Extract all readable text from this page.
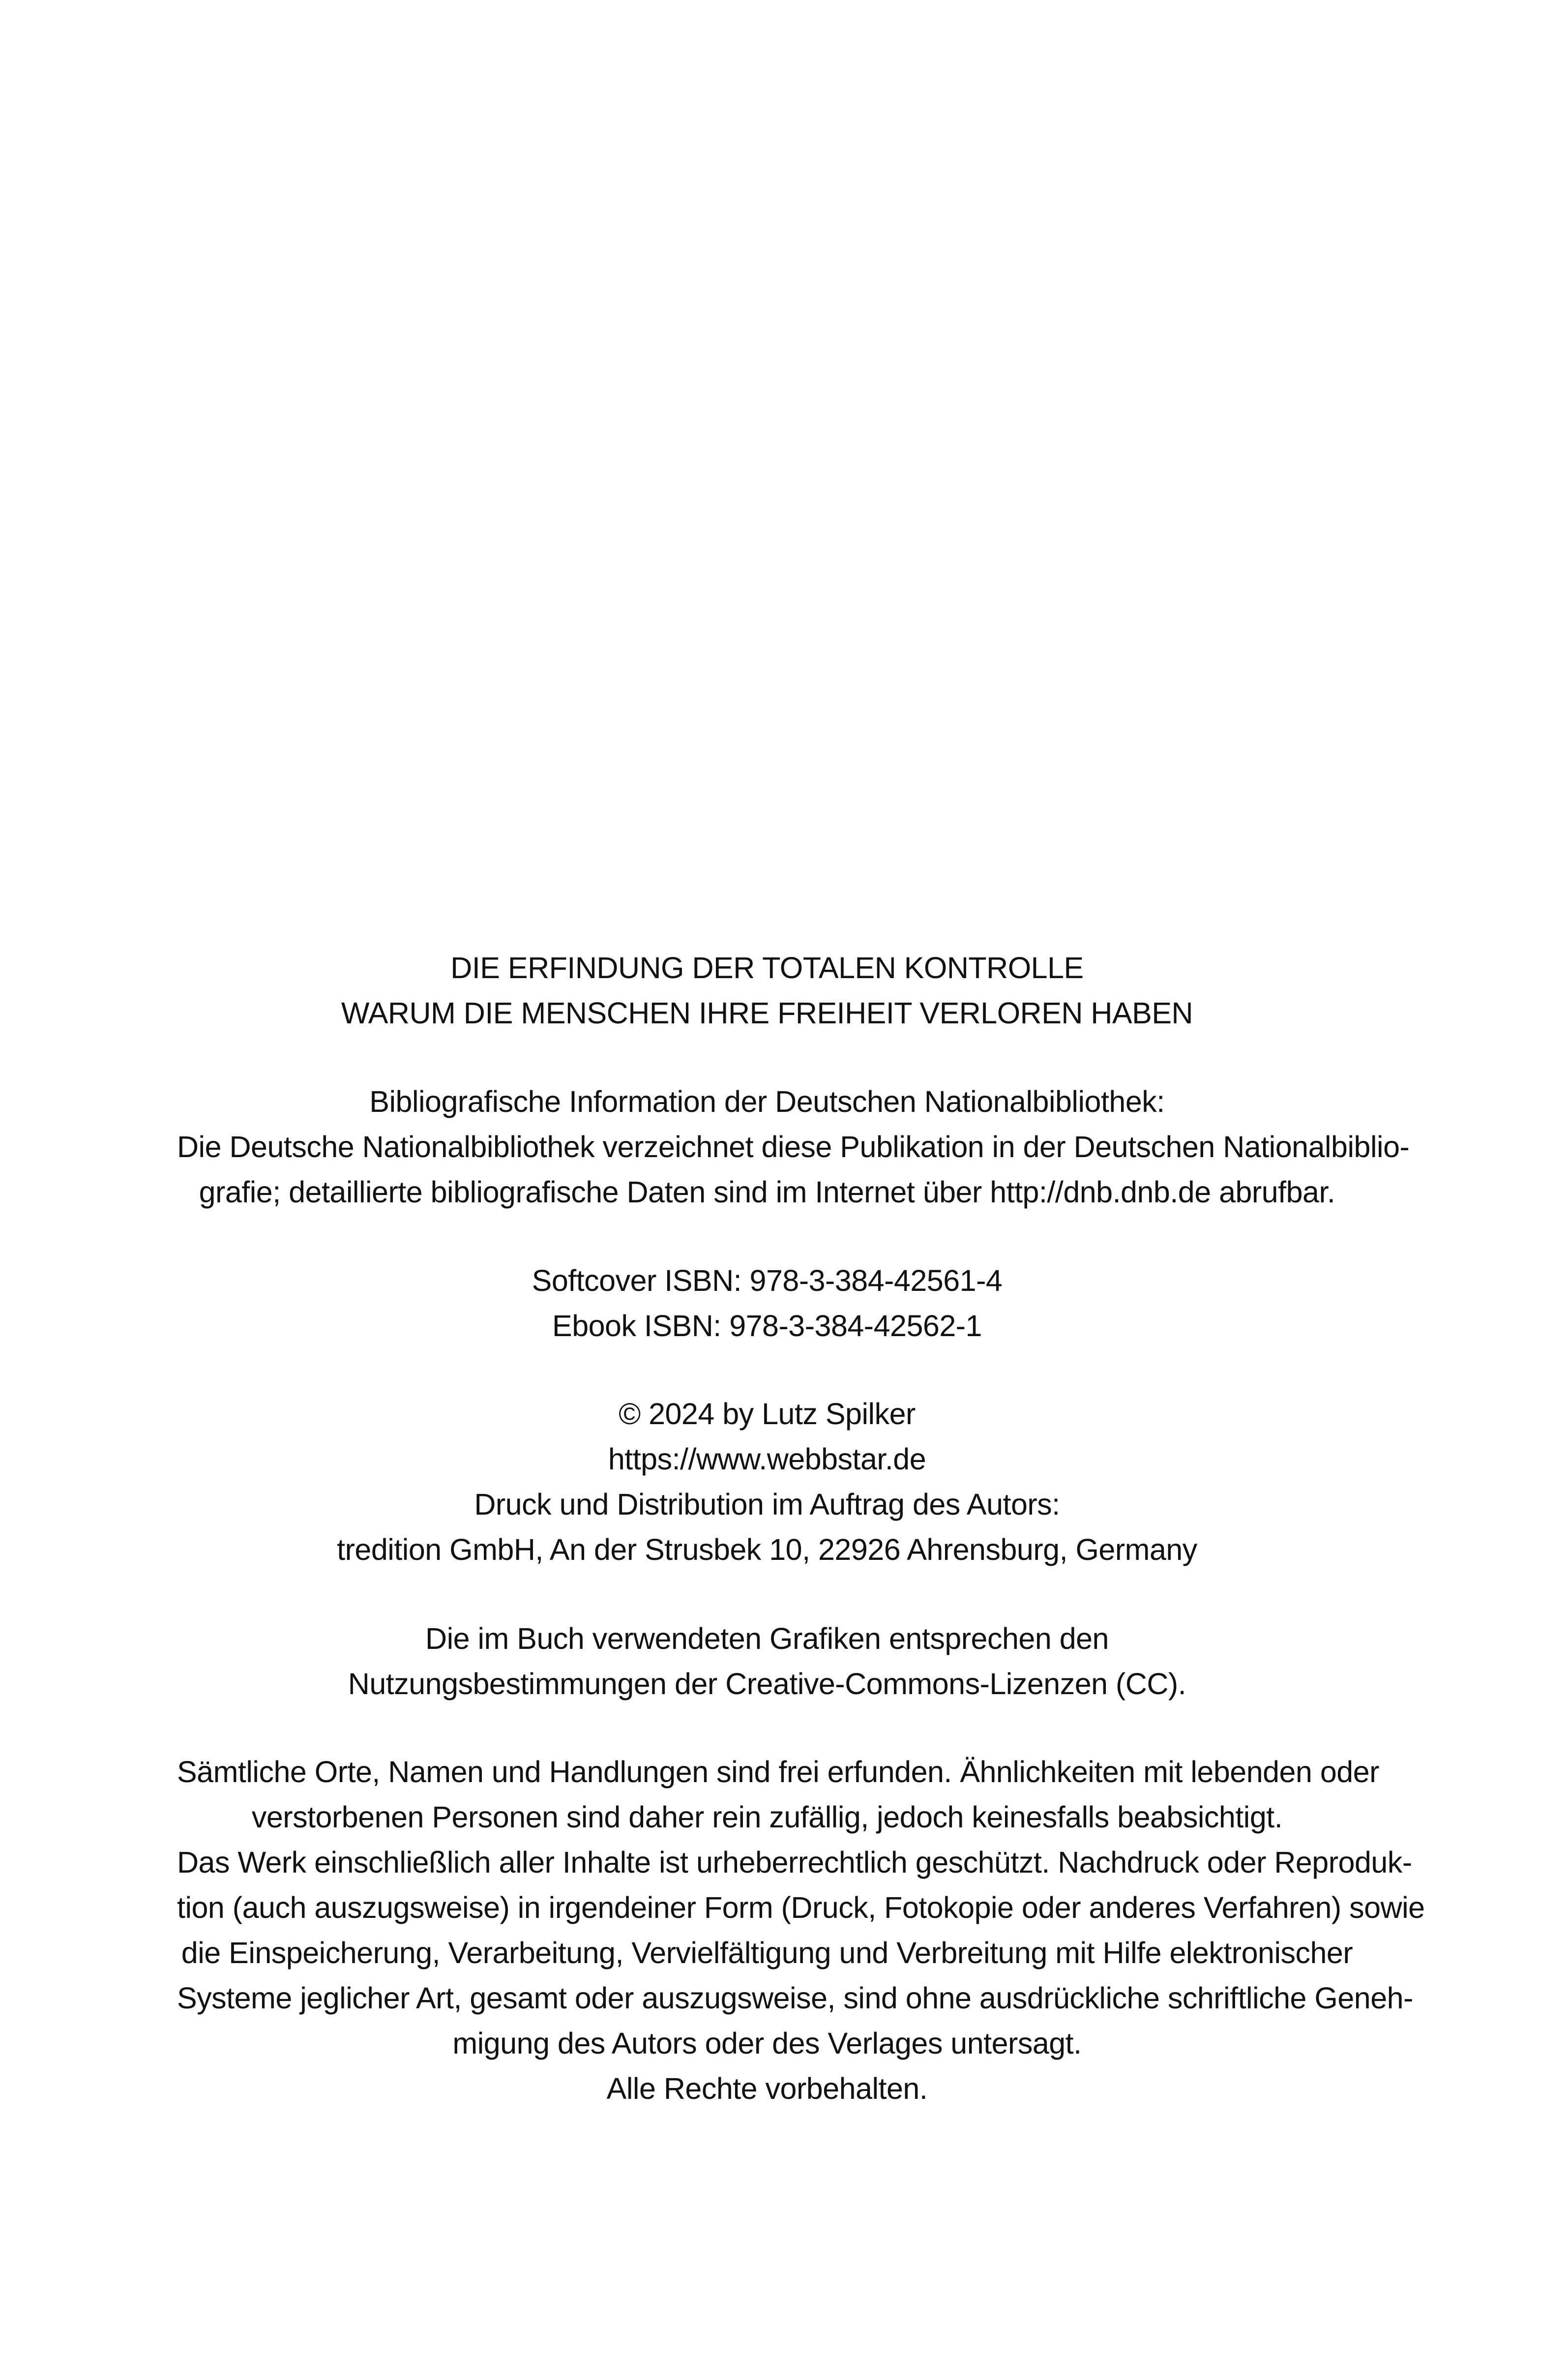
DIE ERFINDUNG DER TOTALEN KONTROLLE
WARUM DIE MENSCHEN IHRE FREIHEIT VERLOREN HABEN
Bibliografische Information der Deutschen Nationalbibliothek:
Die Deutsche Nationalbibliothek verzeichnet diese Publikation in der Deutschen Nationalbiblio-
grafie; detaillierte bibliografische Daten sind im Internet über http://dnb.dnb.de abrufbar.
Softcover ISBN: 978-3-384-42561-4
Ebook ISBN: 978-3-384-42562-1
© 2024 by Lutz Spilker
https://www.webbstar.de
Druck und Distribution im Auftrag des Autors:
tredition GmbH, An der Strusbek 10, 22926 Ahrensburg, Germany
Die im Buch verwendeten Grafiken entsprechen den
Nutzungsbestimmungen der Creative-Commons-Lizenzen (CC).
Sämtliche Orte, Namen und Handlungen sind frei erfunden. Ähnlichkeiten mit lebenden oder
verstorbenen Personen sind daher rein zufällig, jedoch keinesfalls beabsichtigt.
Das Werk einschließlich aller Inhalte ist urheberrechtlich geschützt. Nachdruck oder Reproduk-
tion (auch auszugsweise) in irgendeiner Form (Druck, Fotokopie oder anderes Verfahren) sowie
die Einspeicherung, Verarbeitung, Vervielfältigung und Verbreitung mit Hilfe elektronischer
Systeme jeglicher Art, gesamt oder auszugsweise, sind ohne ausdrückliche schriftliche Geneh-
migung des Autors oder des Verlages untersagt.
Alle Rechte vorbehalten.
